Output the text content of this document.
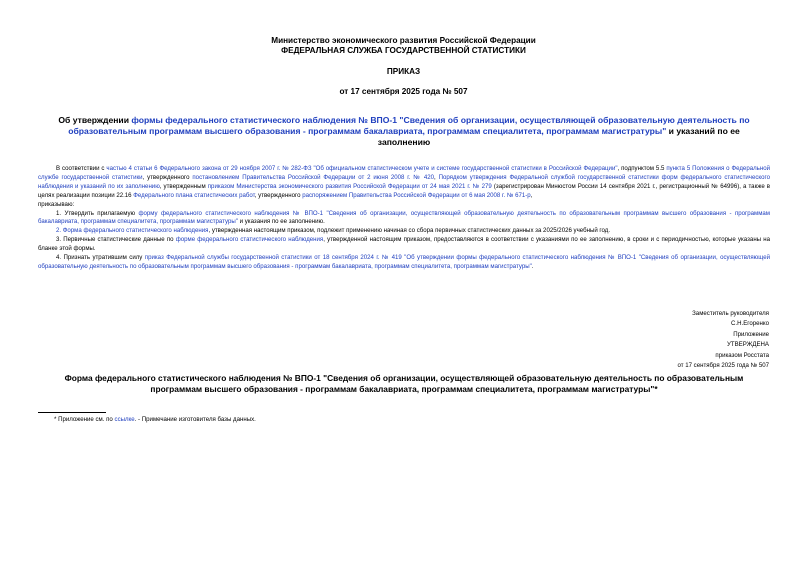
Министерство экономического развития Российской Федерации
ФЕДЕРАЛЬНАЯ СЛУЖБА ГОСУДАРСТВЕННОЙ СТАТИСТИКИ
ПРИКАЗ
от 17 сентября 2025 года № 507
Об утверждении формы федерального статистического наблюдения № ВПО-1 "Сведения об организации, осуществляющей образовательную деятельность по образовательным программам высшего образования - программам бакалавриата, программам специалитета, программам магистратуры" и указаний по ее заполнению

В соответствии с частью 4 статьи 6 Федерального закона от 29 ноября 2007 г. № 282-ФЗ "Об официальном статистическом учете и системе государственной статистики в Российской Федерации", подпунктом 5.5 пункта 5 Положения о Федеральной службе государственной статистики, утвержденного постановлением Правительства Российской Федерации от 2 июня 2008 г. № 420, Порядком утверждения Федеральной службой государственной статистики форм федерального статистического наблюдения и указаний по их заполнению, утвержденным приказом Министерства экономического развития Российской Федерации от 24 мая 2021 г. № 279 (зарегистрирован Минюстом России 14 сентября 2021 г., регистрационный № 64996), а также в целях реализации позиции 22.16 Федерального плана статистических работ, утвержденного распоряжением Правительства Российской Федерации от 6 мая 2008 г. № 671-р,

приказываю:

1. Утвердить прилагаемую форму федерального статистического наблюдения № ВПО-1 "Сведения об организации, осуществляющей образовательную деятельность по образовательным программам высшего образования - программам бакалавриата, программам специалитета, программам магистратуры" и указания по ее заполнению.

2. Форма федерального статистического наблюдения, утвержденная настоящим приказом, подлежит применению начиная со сбора первичных статистических данных за 2025/2026 учебный год.

3. Первичные статистические данные по форме федерального статистического наблюдения, утвержденной настоящим приказом, предоставляются в соответствии с указаниями по ее заполнению, в сроки и с периодичностью, которые указаны на бланке этой формы.

4. Признать утратившим силу приказ Федеральной службы государственной статистики от 18 сентября 2024 г. № 419 "Об утверждении формы федерального статистического наблюдения № ВПО-1 "Сведения об организации, осуществляющей образовательную деятельность по образовательным программам высшего образования - программам бакалавриата, программам специалитета, программам магистратуры".

Заместитель руководителя
С.Н.Егоренко
Приложение
УТВЕРЖДЕНА
приказом Росстата
от 17 сентября 2025 года № 507
Форма федерального статистического наблюдения № ВПО-1 "Сведения об организации, осуществляющей образовательную деятельность по образовательным программам высшего образования - программам бакалавриата, программам специалитета, программам магистратуры"*
* Приложение см. по ссылке. - Примечание изготовителя базы данных.
